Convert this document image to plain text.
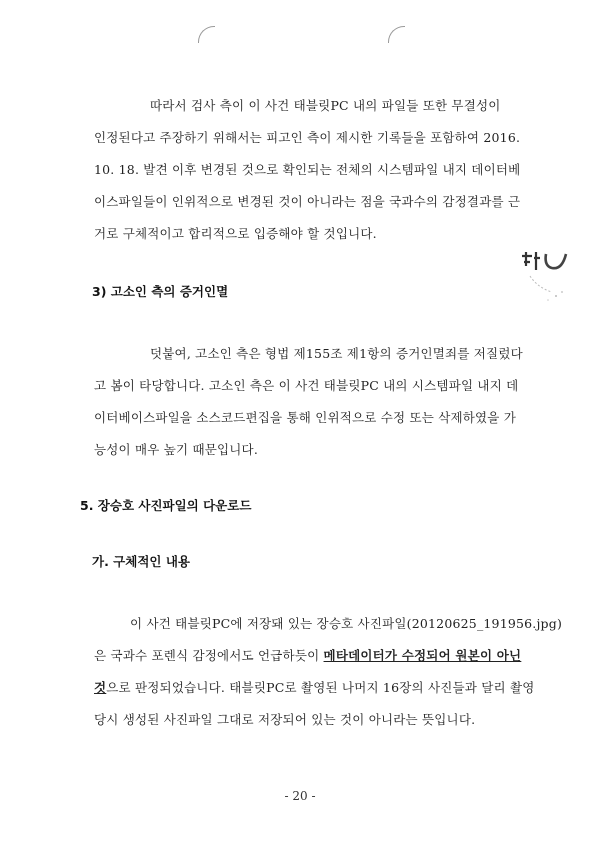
따라서 검사 측이 이 사건 태블릿PC 내의 파일들 또한 무결성이
인정된다고 주장하기 위해서는 피고인 측이 제시한 기록들을 포함하여 2016.
10. 18. 발견 이후 변경된 것으로 확인되는 전체의 시스템파일 내지 데이터베
이스파일들이 인위적으로 변경된 것이 아니라는 점을 국과수의 감정결과를 근
거로 구체적이고 합리적으로 입증해야 할 것입니다.
3) 고소인 측의 증거인멸
덧붙여, 고소인 측은 형법 제155조 제1항의 증거인멸죄를 저질렀다
고 봄이 타당합니다. 고소인 측은 이 사건 태블릿PC 내의 시스템파일 내지 데
이터베이스파일을 소스코드편집을 통해 인위적으로 수정 또는 삭제하였을 가
능성이 매우 높기 때문입니다.
5. 장승호 사진파일의 다운로드
가. 구체적인 내용
이 사건 태블릿PC에 저장돼 있는 장승호 사진파일(20120625_191956.jpg)
은 국과수 포렌식 감정에서도 언급하듯이 메타데이터가 수정되어 원본이 아닌
것으로 판정되었습니다. 태블릿PC로 촬영된 나머지 16장의 사진들과 달리 촬영
당시 생성된 사진파일 그대로 저장되어 있는 것이 아니라는 뜻입니다.
- 20 -
